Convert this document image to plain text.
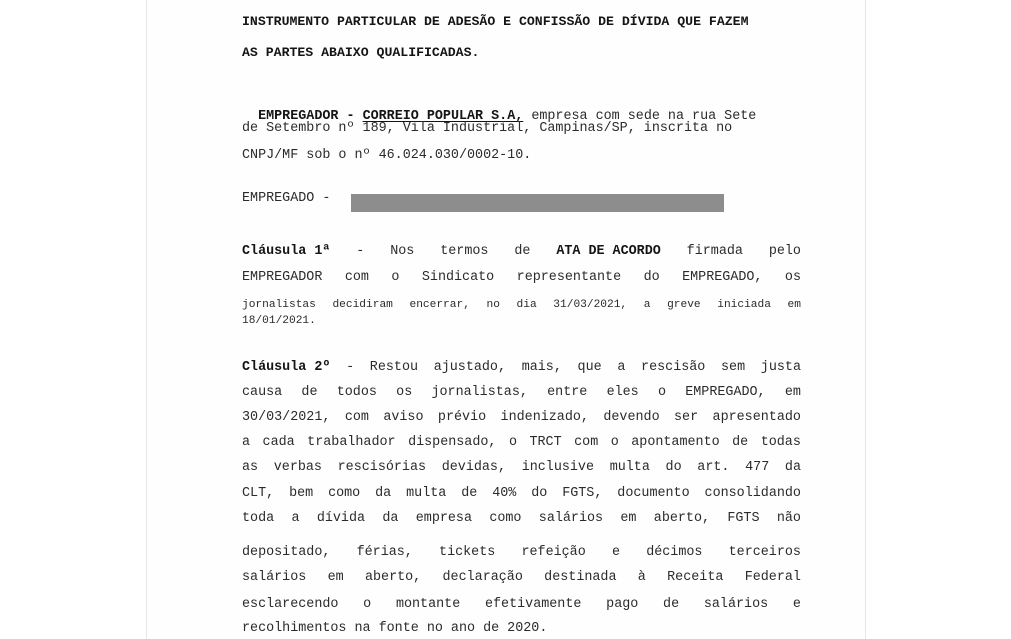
INSTRUMENTO PARTICULAR DE ADESÃO E CONFISSÃO DE DÍVIDA QUE FAZEM
AS PARTES ABAIXO QUALIFICADAS.

EMPREGADOR - CORREIO POPULAR S.A, empresa com sede na rua Sete

de Setembro nº 189, Vila Industrial, Campinas/SP, inscrita no
CNPJ/MF sob o nº 46.024.030/0002-10.
EMPREGADO -
Cláusula 1ª - Nos termos de ATA DE ACORDO firmada pelo
EMPREGADOR com o Sindicato representante do EMPREGADO, os
jornalistas decidiram encerrar, no dia 31/03/2021, a greve iniciada em
18/01/2021.
Cláusula 2º - Restou ajustado, mais, que a rescisão sem justa
causa de todos os jornalistas, entre eles o EMPREGADO, em
30/03/2021, com aviso prévio indenizado, devendo ser apresentado
a cada trabalhador dispensado, o TRCT com o apontamento de todas
as verbas rescisórias devidas, inclusive multa do art. 477 da
CLT, bem como da multa de 40% do FGTS, documento consolidando
toda a dívida da empresa como salários em aberto, FGTS não
depositado, férias, tickets refeição e décimos terceiros
salários em aberto, declaração destinada à Receita Federal
esclarecendo o montante efetivamente pago de salários e
recolhimentos na fonte no ano de 2020.
